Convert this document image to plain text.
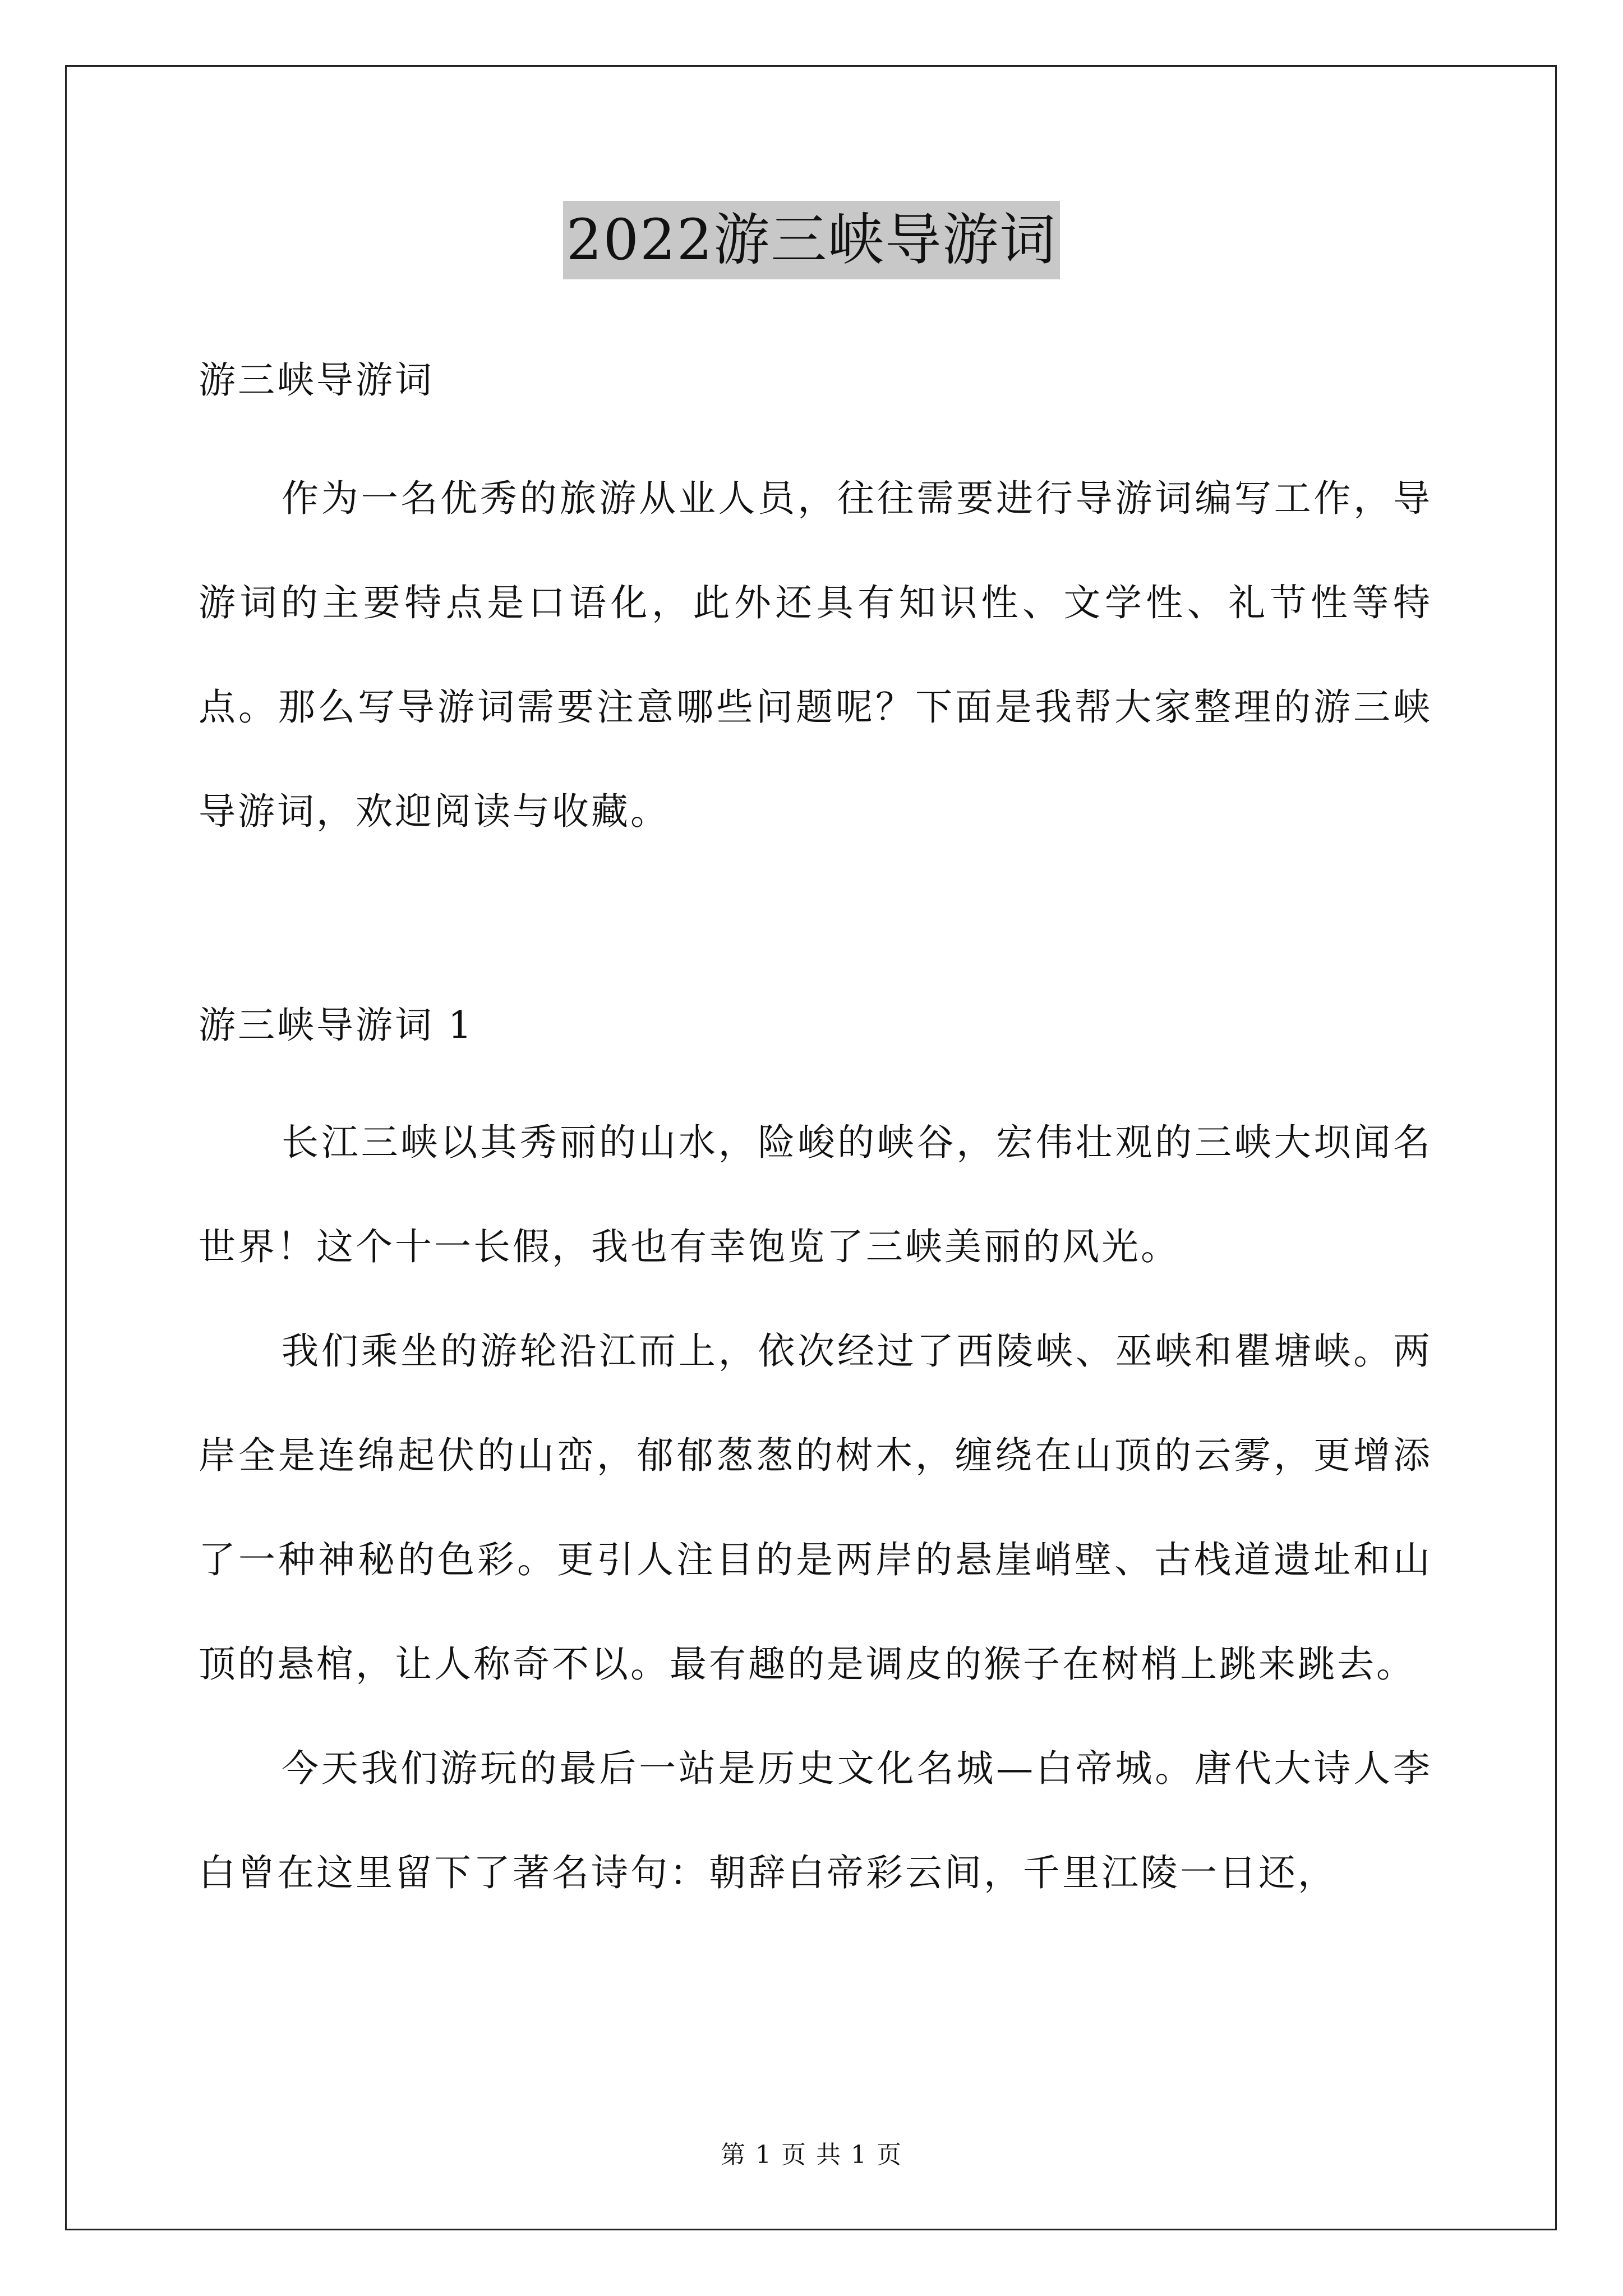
2022游三峡导游词
游三峡导游词

作为一名优秀的旅游从业人员，往往需要进行导游词编写工作，导游词的主要特点是口语化，此外还具有知识性、文学性、礼节性等特点。那么写导游词需要注意哪些问题呢？下面是我帮大家整理的游三峡导游词，欢迎阅读与收藏。

游三峡导游词 1

长江三峡以其秀丽的山水，险峻的峡谷，宏伟壮观的三峡大坝闻名世界！这个十一长假，我也有幸饱览了三峡美丽的风光。

我们乘坐的游轮沿江而上，依次经过了西陵峡、巫峡和瞿塘峡。两岸全是连绵起伏的山峦，郁郁葱葱的树木，缠绕在山顶的云雾，更增添了一种神秘的色彩。更引人注目的是两岸的悬崖峭壁、古栈道遗址和山顶的悬棺，让人称奇不以。最有趣的是调皮的猴子在树梢上跳来跳去。

今天我们游玩的最后一站是历史文化名城—白帝城。唐代大诗人李白曾在这里留下了著名诗句：朝辞白帝彩云间，千里江陵一日还，

第 1 页 共 1 页
